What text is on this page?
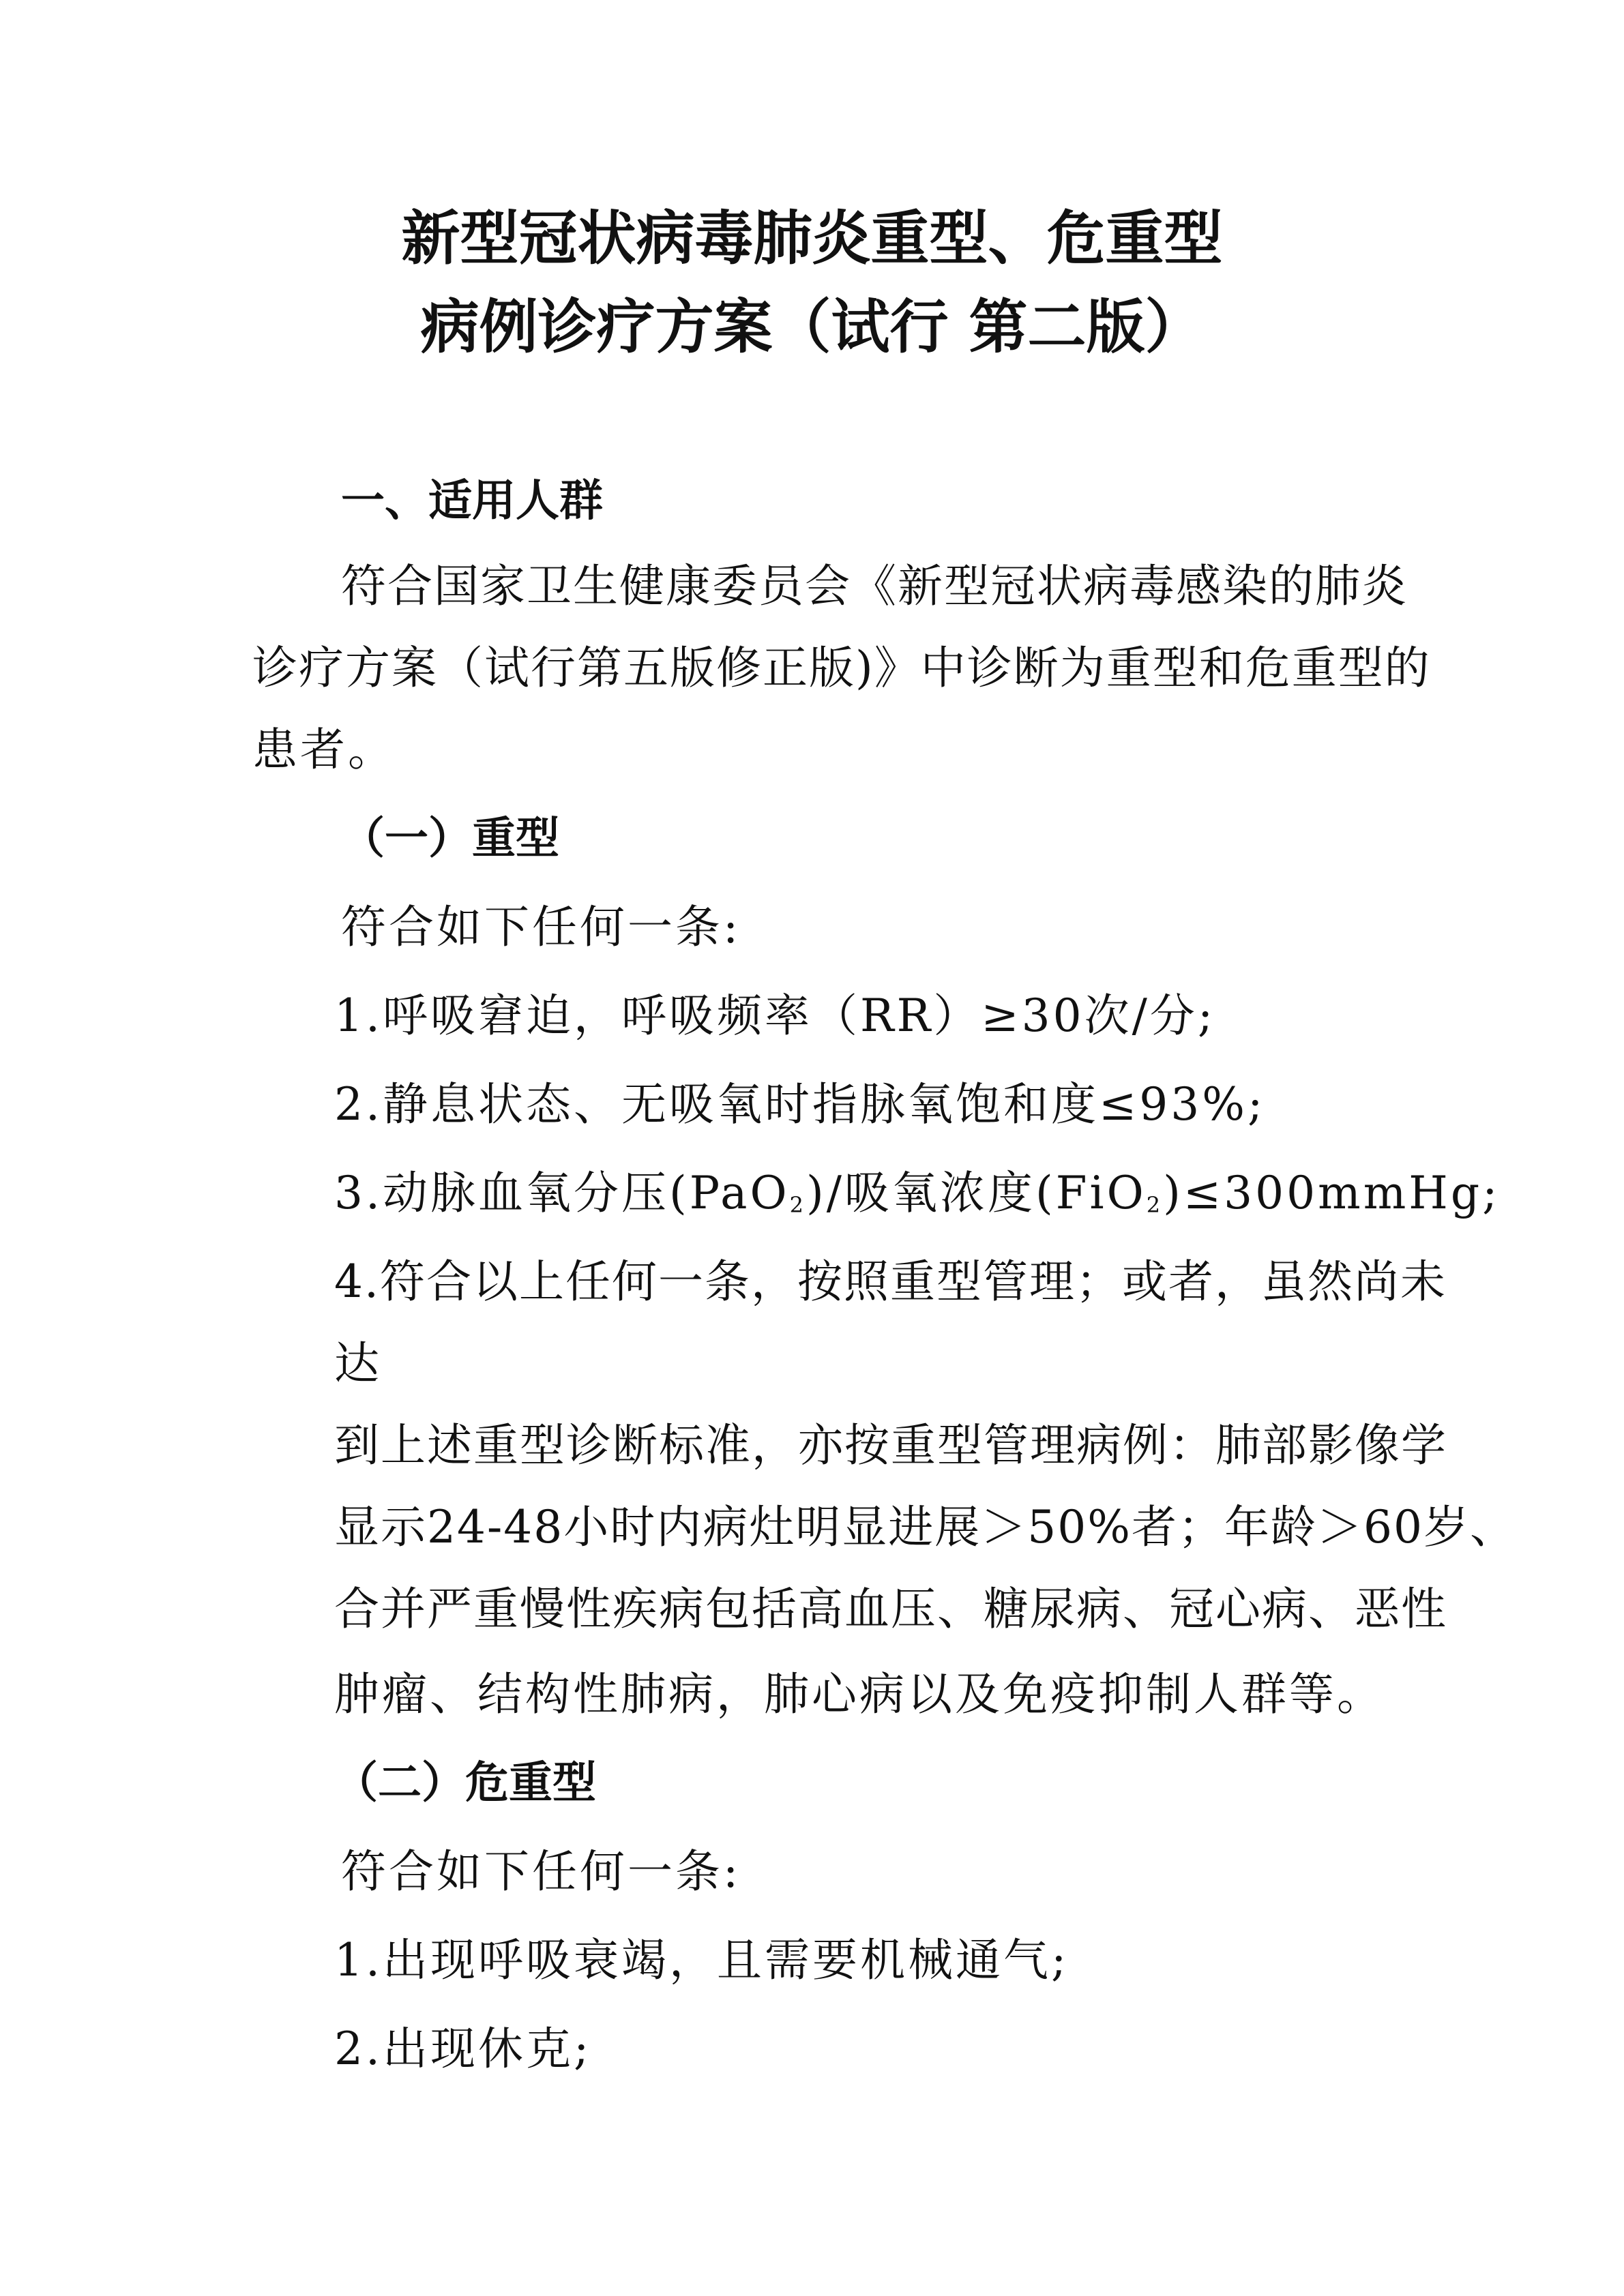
新型冠状病毒肺炎重型、危重型
病例诊疗方案（试行 第二版）
一、适用人群
符合国家卫生健康委员会《新型冠状病毒感染的肺炎
诊疗方案（试行第五版修正版)》中诊断为重型和危重型的
患者。
（一）重型
符合如下任何一条:
1.呼吸窘迫，呼吸频率（RR）≥30次/分;
2.静息状态、无吸氧时指脉氧饱和度≤93%;
3.动脉血氧分压(PaO$_2$)/吸氧浓度(FiO$_2$)≤300mmHg;
4.符合以上任何一条，按照重型管理；或者，虽然尚未
达
到上述重型诊断标准，亦按重型管理病例：肺部影像学
显示24-48小时内病灶明显进展＞50%者；年龄＞60岁、
合并严重慢性疾病包括高血压、糖尿病、冠心病、恶性
肿瘤、结构性肺病，肺心病以及免疫抑制人群等。
（二）危重型
符合如下任何一条:
1.出现呼吸衰竭，且需要机械通气;
2.出现休克;
